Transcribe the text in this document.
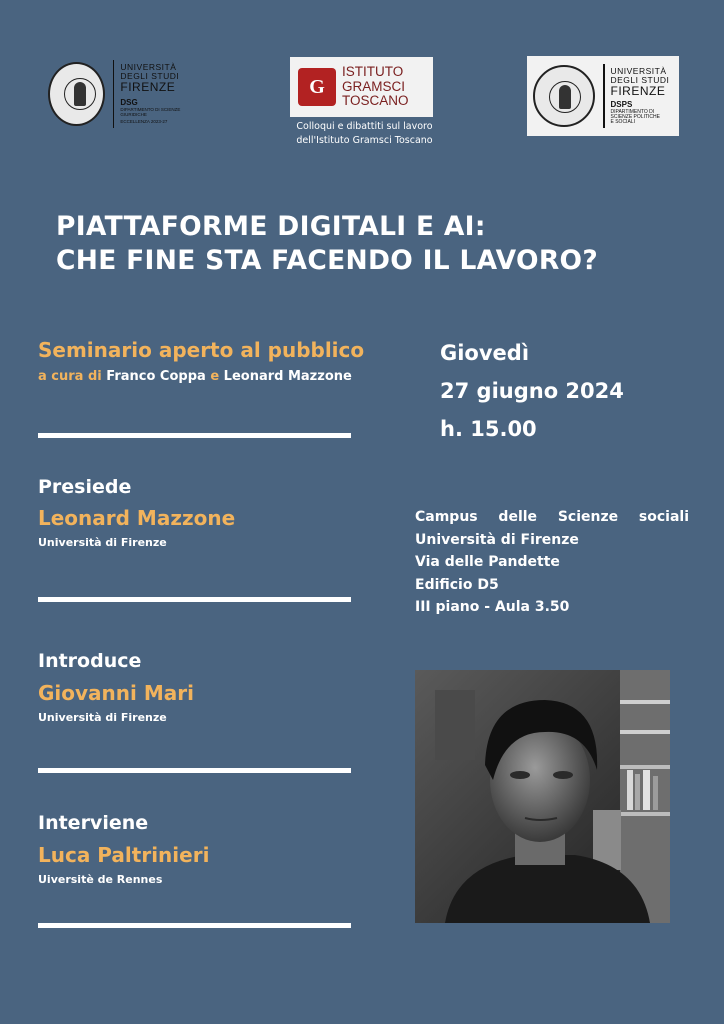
UNIVERSITÀ
DEGLI STUDI
FIRENZE
DSG
DIPARTIMENTO DI SCIENZE GIURIDICHE
ECCELLENZA 2023-27
G
ISTITUTO
GRAMSCI
TOSCANO
Colloqui e dibattiti sul lavoro
dell'Istituto Gramsci Toscano
UNIVERSITÀ
DEGLI STUDI
FIRENZE
DSPS
DIPARTIMENTO DI
SCIENZE POLITICHE
E SOCIALI
PIATTAFORME DIGITALI E AI:
CHE FINE STA FACENDO IL LAVORO?
Seminario aperto al pubblico
a cura di Franco Coppa e Leonard Mazzone
Giovedì
27 giugno 2024
h. 15.00
Presiede
Leonard Mazzone
Università di Firenze
Introduce
Giovanni Mari
Università di Firenze
Interviene
Luca Paltrinieri
Uiversitè de Rennes
Campus delle Scienze sociali
Università di Firenze
Via delle Pandette
Edificio D5
III piano - Aula 3.50
